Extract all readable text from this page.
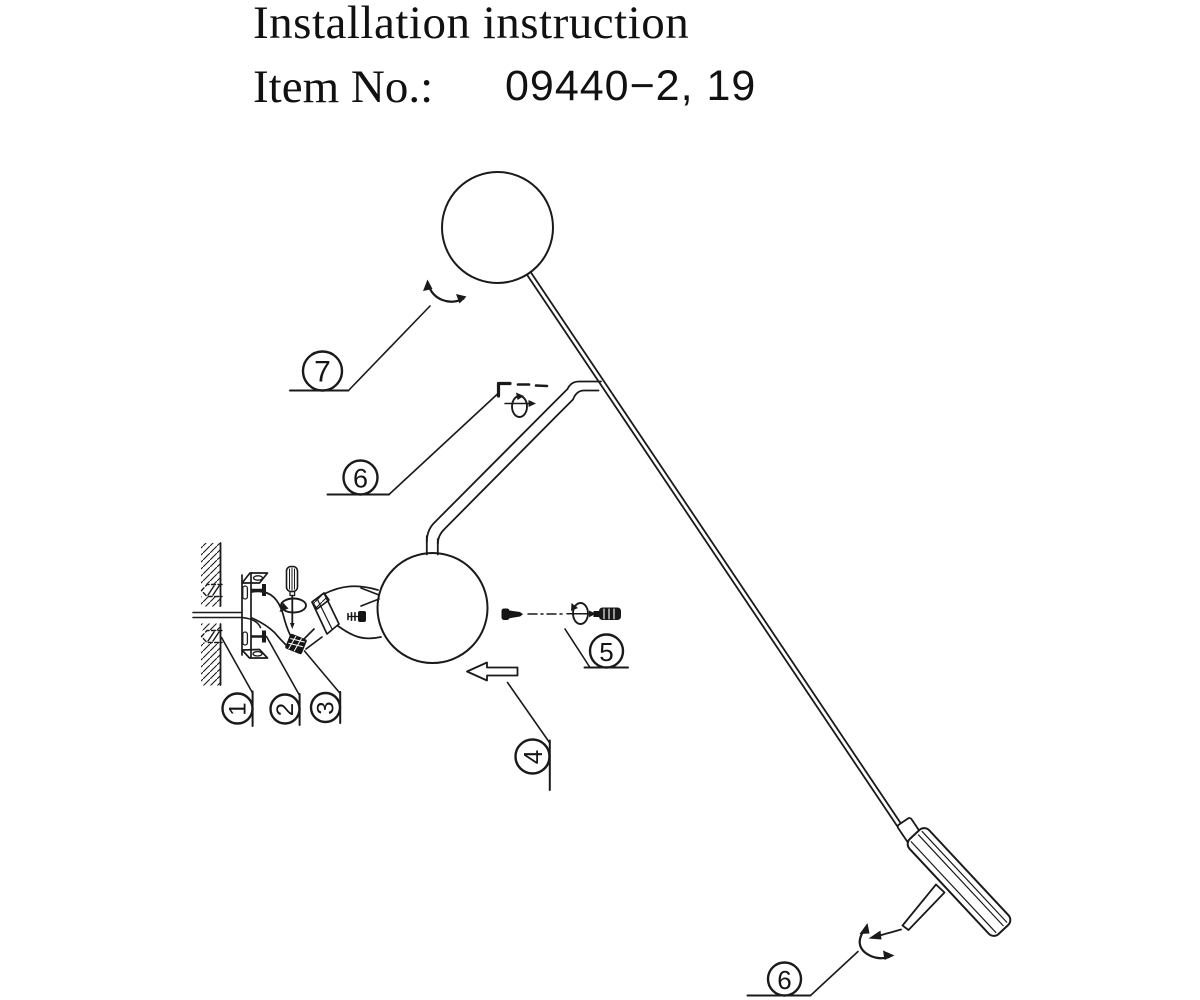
Installation instruction
Item No.: 09440−2, 19
7
6
5
4
1 2 3
6
